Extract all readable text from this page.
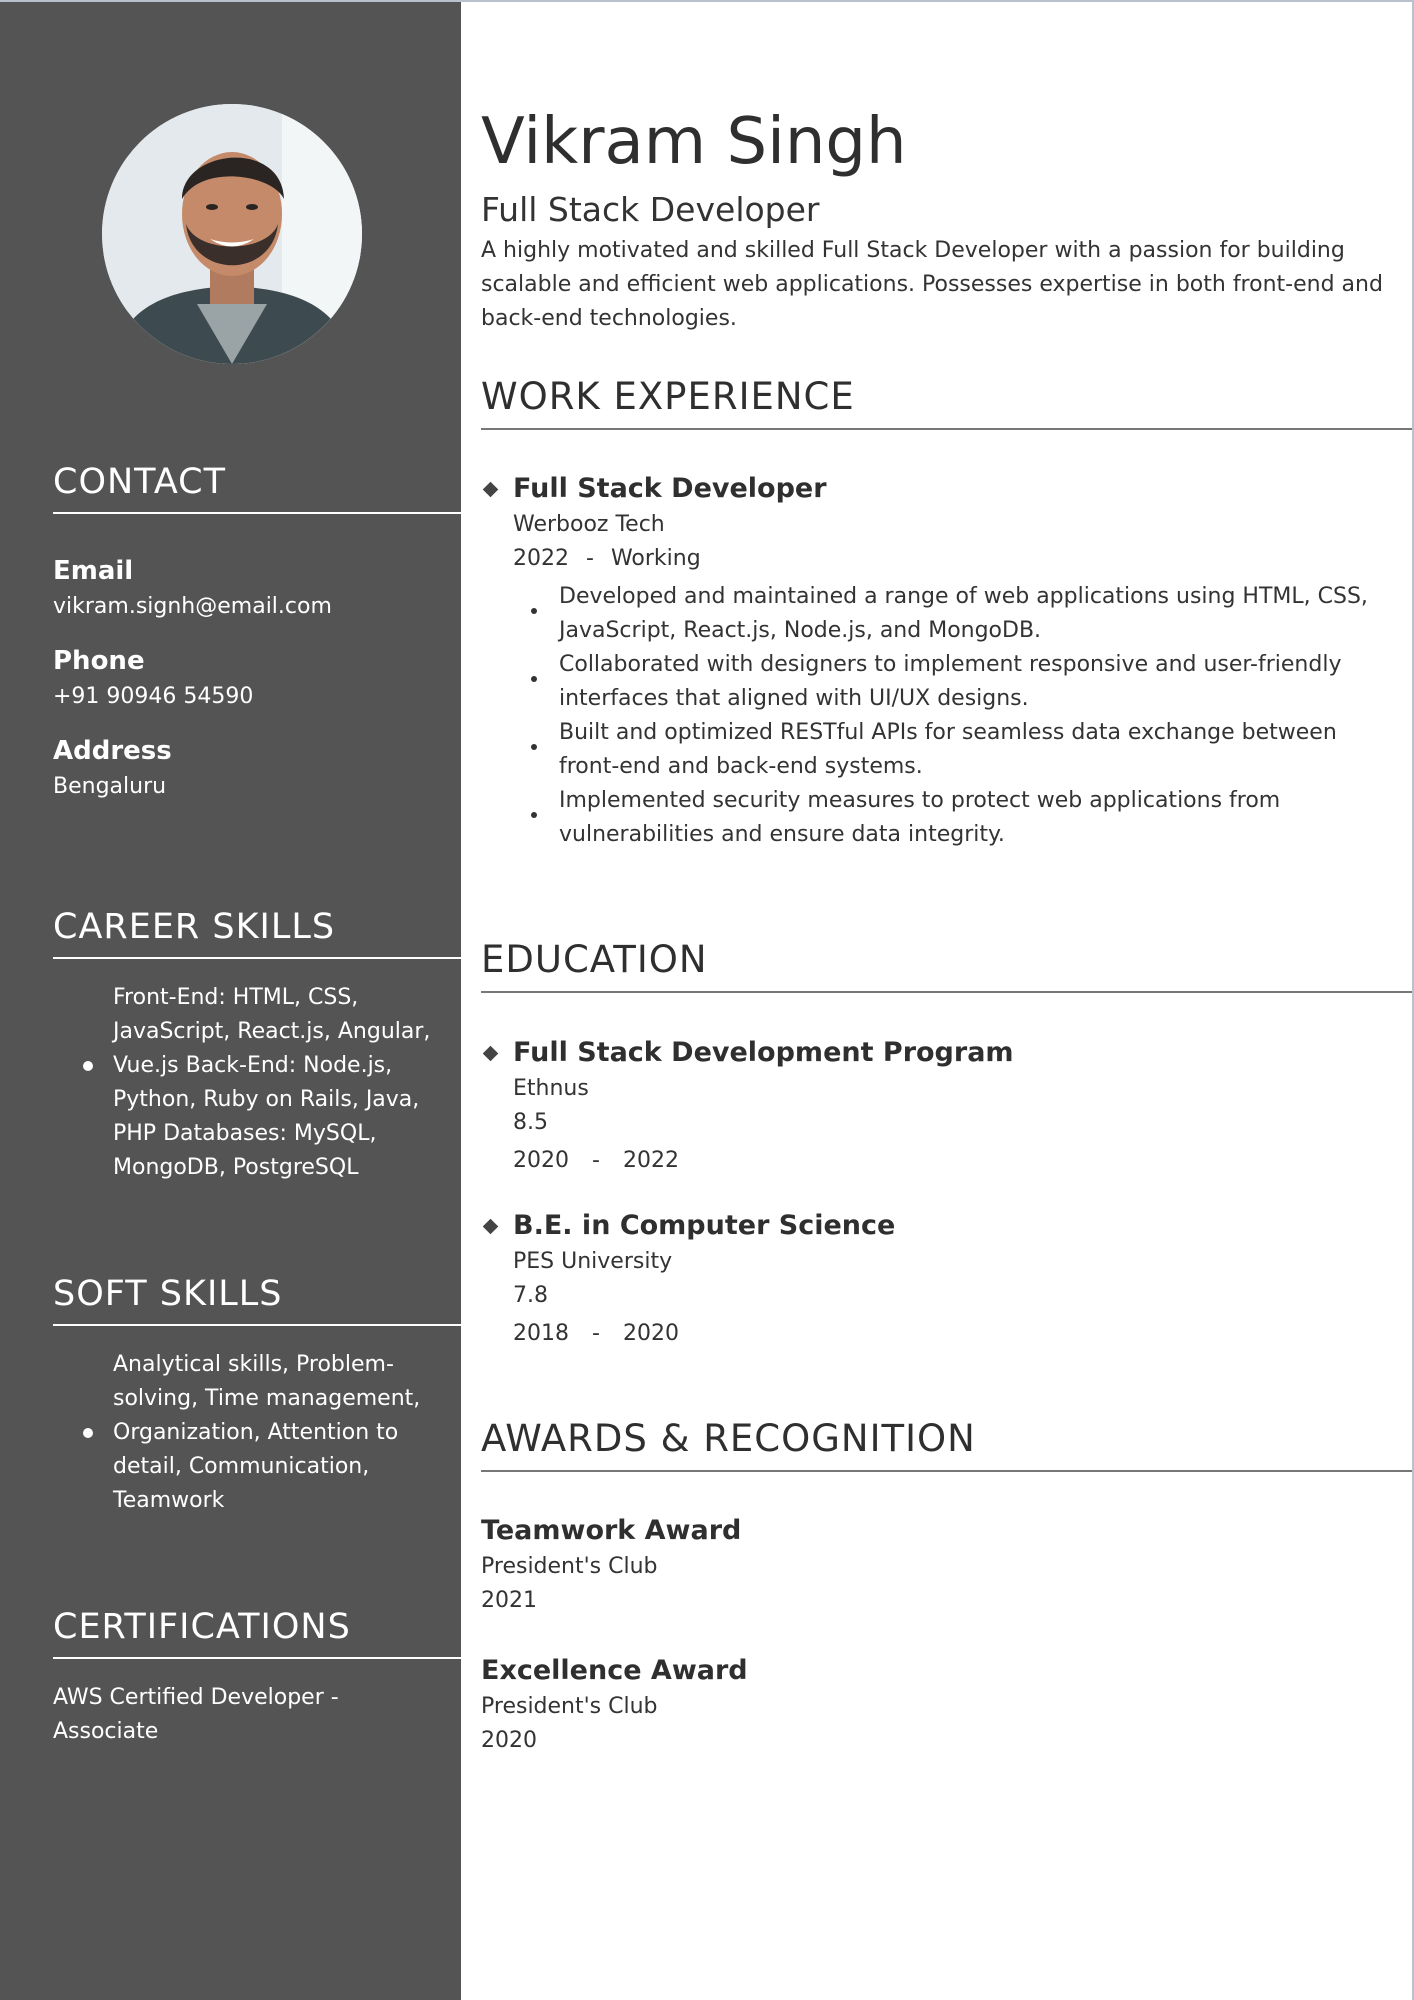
CONTACT

Email

vikram.signh@email.com

Phone

+91 90946 54590

Address

Bengaluru

CAREER SKILLS
Front-End: HTML, CSS, JavaScript, React.js, Angular, Vue.js Back-End: Node.js, Python, Ruby on Rails, Java, PHP Databases: MySQL, MongoDB, PostgreSQL
SOFT SKILLS
Analytical skills, Problem-solving, Time management, Organization, Attention to detail, Communication, Teamwork
CERTIFICATIONS

AWS Certified Developer - Associate

Vikram Singh
Full Stack Developer

A highly motivated and skilled Full Stack Developer with a passion for building scalable and efficient web applications. Possesses expertise in both front-end and back-end technologies.

WORK EXPERIENCE

Full Stack Developer

Werbooz Tech

2022 - Working

Developed and maintained a range of web applications using HTML, CSS, JavaScript, React.js, Node.js, and MongoDB.
Collaborated with designers to implement responsive and user-friendly interfaces that aligned with UI/UX designs.
Built and optimized RESTful APIs for seamless data exchange between front-end and back-end systems.
Implemented security measures to protect web applications from vulnerabilities and ensure data integrity.
EDUCATION

Full Stack Development Program

Ethnus

8.5

2020 - 2022

B.E. in Computer Science

PES University

7.8

2018 - 2020

AWARDS & RECOGNITION

Teamwork Award

President's Club

2021

Excellence Award

President's Club

2020
